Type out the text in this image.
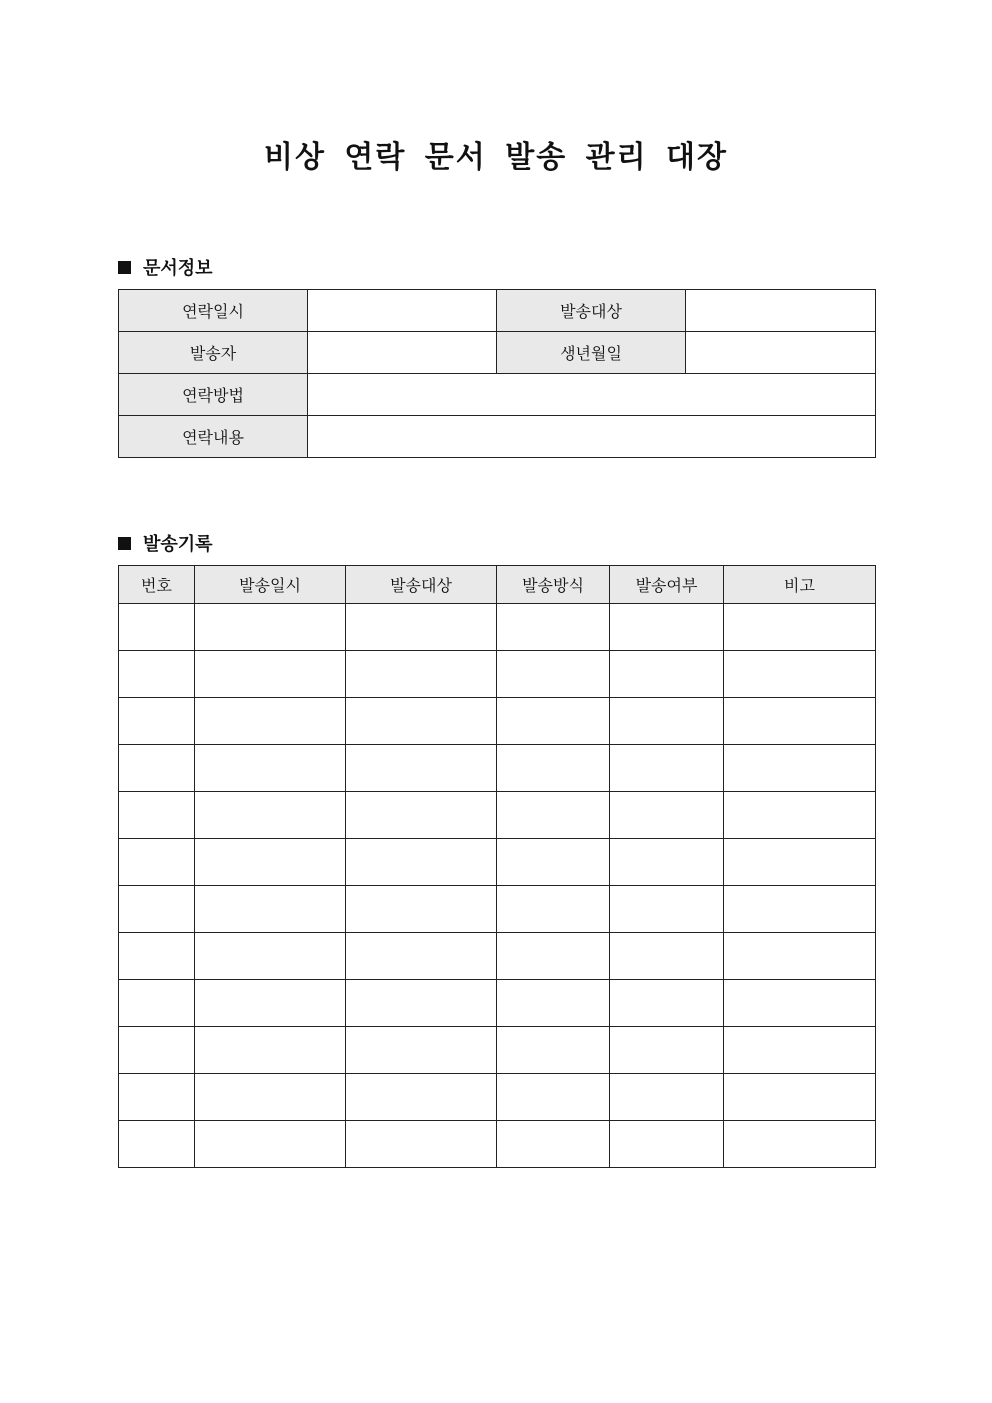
비상 연락 문서 발송 관리 대장
문서정보
연락일시		발송대상	
발송자		생년월일	
연락방법			
연락내용			
발송기록
번호	발송일시	발송대상	발송방식	발송여부	비고
